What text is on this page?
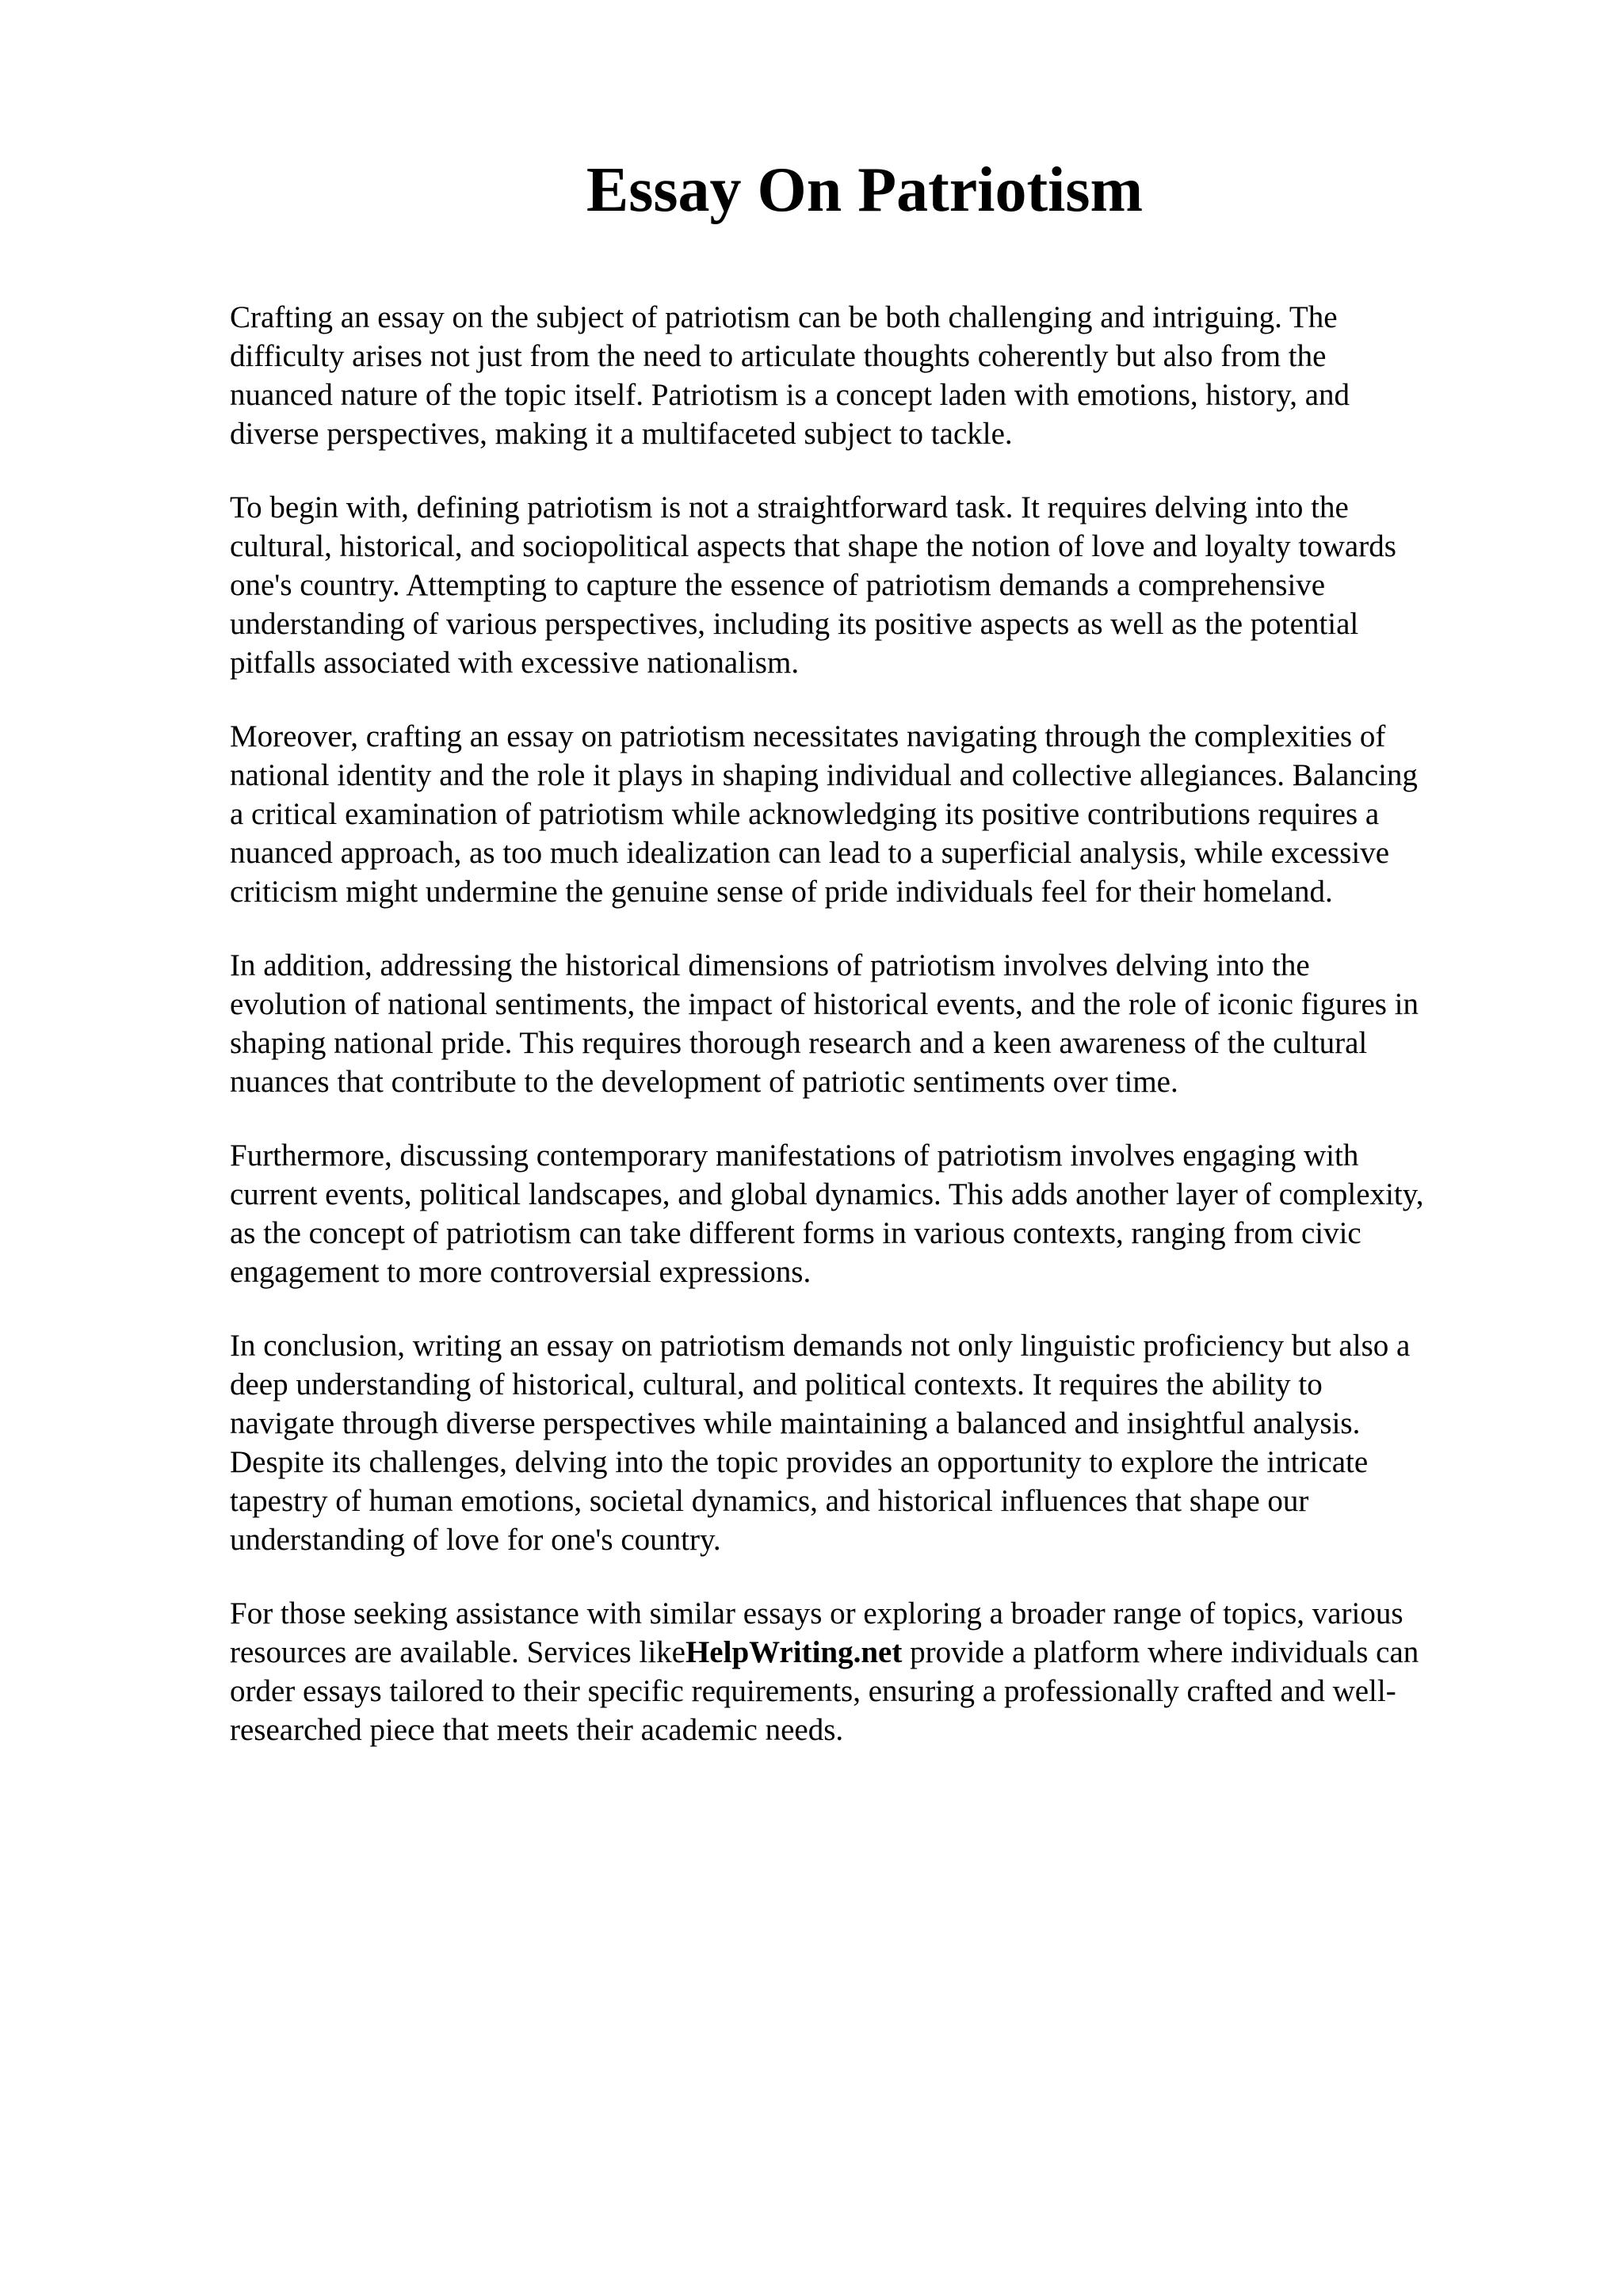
Essay On Patriotism

Crafting an essay on the subject of patriotism can be both challenging and intriguing. The
difficulty arises not just from the need to articulate thoughts coherently but also from the
nuanced nature of the topic itself. Patriotism is a concept laden with emotions, history, and
diverse perspectives, making it a multifaceted subject to tackle.

To begin with, defining patriotism is not a straightforward task. It requires delving into the
cultural, historical, and sociopolitical aspects that shape the notion of love and loyalty towards
one's country. Attempting to capture the essence of patriotism demands a comprehensive
understanding of various perspectives, including its positive aspects as well as the potential
pitfalls associated with excessive nationalism.

Moreover, crafting an essay on patriotism necessitates navigating through the complexities of
national identity and the role it plays in shaping individual and collective allegiances. Balancing
a critical examination of patriotism while acknowledging its positive contributions requires a
nuanced approach, as too much idealization can lead to a superficial analysis, while excessive
criticism might undermine the genuine sense of pride individuals feel for their homeland.

In addition, addressing the historical dimensions of patriotism involves delving into the
evolution of national sentiments, the impact of historical events, and the role of iconic figures in
shaping national pride. This requires thorough research and a keen awareness of the cultural
nuances that contribute to the development of patriotic sentiments over time.

Furthermore, discussing contemporary manifestations of patriotism involves engaging with
current events, political landscapes, and global dynamics. This adds another layer of complexity,
as the concept of patriotism can take different forms in various contexts, ranging from civic
engagement to more controversial expressions.

In conclusion, writing an essay on patriotism demands not only linguistic proficiency but also a
deep understanding of historical, cultural, and political contexts. It requires the ability to
navigate through diverse perspectives while maintaining a balanced and insightful analysis.
Despite its challenges, delving into the topic provides an opportunity to explore the intricate
tapestry of human emotions, societal dynamics, and historical influences that shape our
understanding of love for one's country.

For those seeking assistance with similar essays or exploring a broader range of topics, various
resources are available. Services likeHelpWriting.net provide a platform where individuals can
order essays tailored to their specific requirements, ensuring a professionally crafted and well-
researched piece that meets their academic needs.
